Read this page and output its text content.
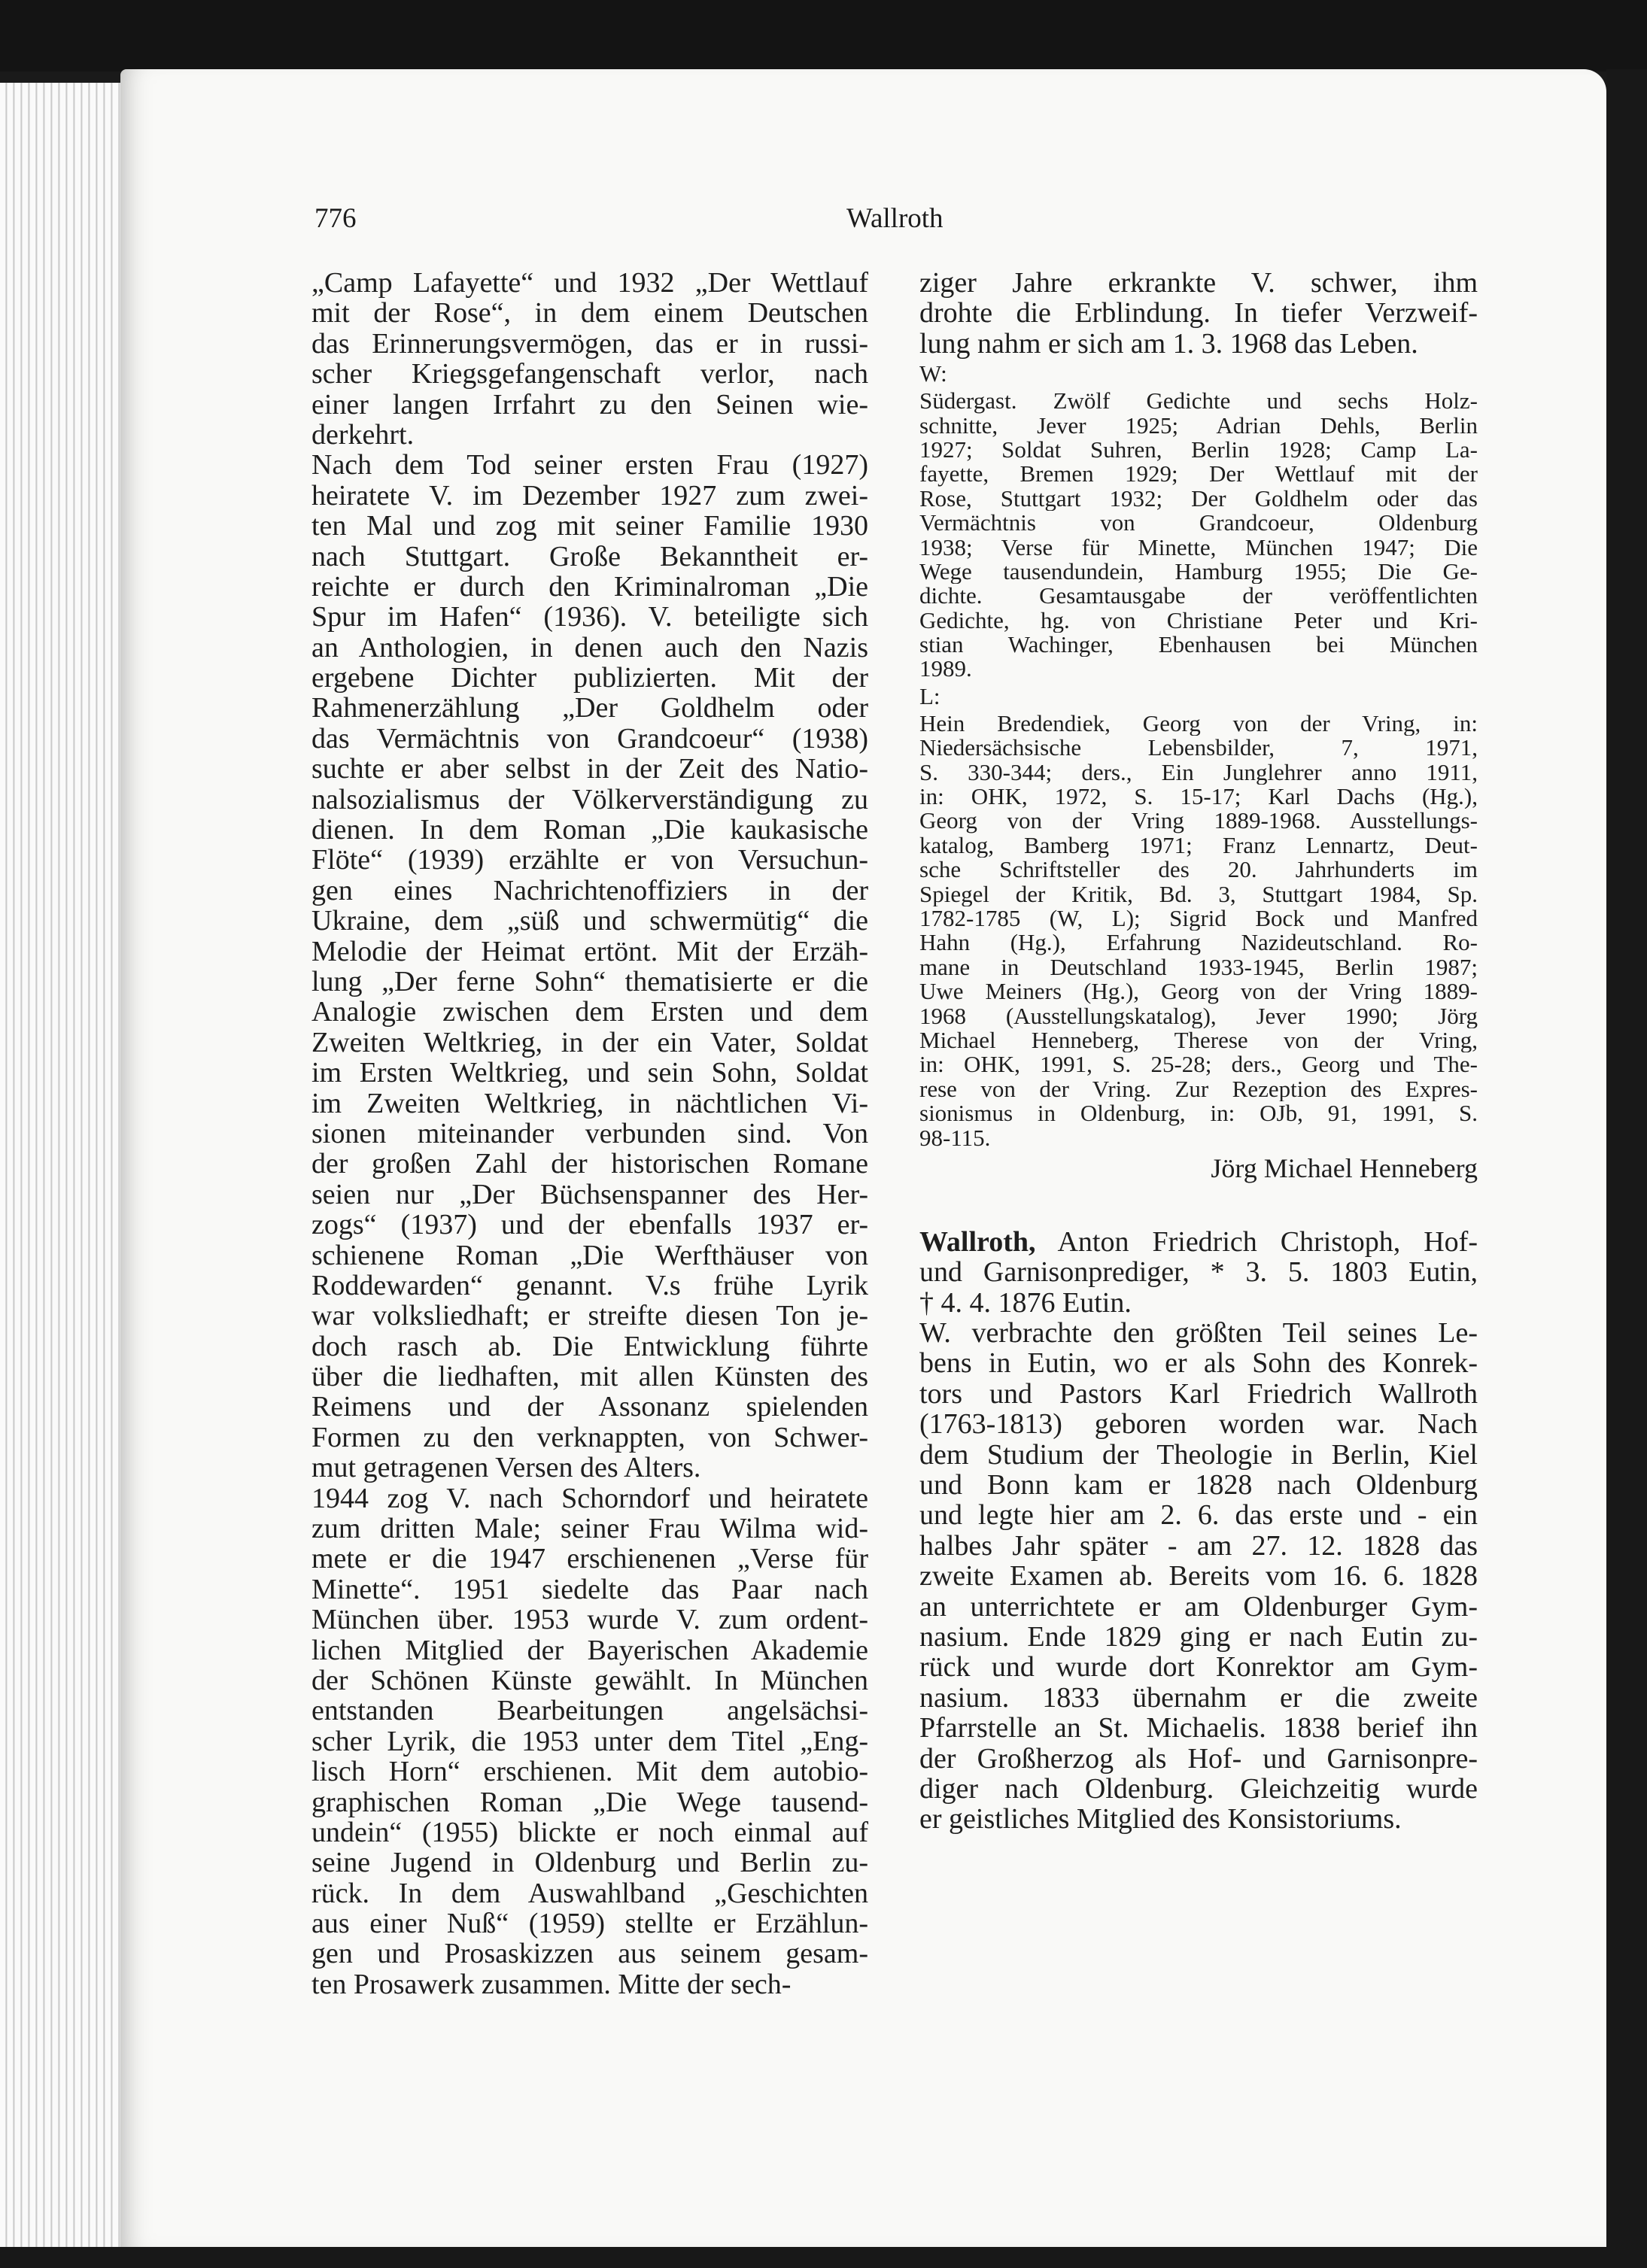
776	Wallroth
„Camp Lafayette“ und 1932 „Der Wettlauf
mit der Rose“, in dem einem Deutschen
das Erinnerungsvermögen, das er in russi-
scher Kriegsgefangenschaft verlor, nach
einer langen Irrfahrt zu den Seinen wie-
derkehrt.
Nach dem Tod seiner ersten Frau (1927)
heiratete V. im Dezember 1927 zum zwei-
ten Mal und zog mit seiner Familie 1930
nach Stuttgart. Große Bekanntheit er-
reichte er durch den Kriminalroman „Die
Spur im Hafen“ (1936). V. beteiligte sich
an Anthologien, in denen auch den Nazis
ergebene Dichter publizierten. Mit der
Rahmenerzählung „Der Goldhelm oder
das Vermächtnis von Grandcoeur“ (1938)
suchte er aber selbst in der Zeit des Natio-
nalsozialismus der Völkerverständigung zu
dienen. In dem Roman „Die kaukasische
Flöte“ (1939) erzählte er von Versuchun-
gen eines Nachrichtenoffiziers in der
Ukraine, dem „süß und schwermütig“ die
Melodie der Heimat ertönt. Mit der Erzäh-
lung „Der ferne Sohn“ thematisierte er die
Analogie zwischen dem Ersten und dem
Zweiten Weltkrieg, in der ein Vater, Soldat
im Ersten Weltkrieg, und sein Sohn, Soldat
im Zweiten Weltkrieg, in nächtlichen Vi-
sionen miteinander verbunden sind. Von
der großen Zahl der historischen Romane
seien nur „Der Büchsenspanner des Her-
zogs“ (1937) und der ebenfalls 1937 er-
schienene Roman „Die Werfthäuser von
Roddewarden“ genannt. V.s frühe Lyrik
war volksliedhaft; er streifte diesen Ton je-
doch rasch ab. Die Entwicklung führte
über die liedhaften, mit allen Künsten des
Reimens und der Assonanz spielenden
Formen zu den verknappten, von Schwer-
mut getragenen Versen des Alters.
1944 zog V. nach Schorndorf und heiratete
zum dritten Male; seiner Frau Wilma wid-
mete er die 1947 erschienenen „Verse für
Minette“. 1951 siedelte das Paar nach
München über. 1953 wurde V. zum ordent-
lichen Mitglied der Bayerischen Akademie
der Schönen Künste gewählt. In München
entstanden Bearbeitungen angelsächsi-
scher Lyrik, die 1953 unter dem Titel „Eng-
lisch Horn“ erschienen. Mit dem autobio-
graphischen Roman „Die Wege tausend-
undein“ (1955) blickte er noch einmal auf
seine Jugend in Oldenburg und Berlin zu-
rück. In dem Auswahlband „Geschichten
aus einer Nuß“ (1959) stellte er Erzählun-
gen und Prosaskizzen aus seinem gesam-
ten Prosawerk zusammen. Mitte der sech-
ziger Jahre erkrankte V. schwer, ihm
drohte die Erblindung. In tiefer Verzweif-
lung nahm er sich am 1. 3. 1968 das Leben.
W:
Südergast. Zwölf Gedichte und sechs Holz-
schnitte, Jever 1925; Adrian Dehls, Berlin
1927; Soldat Suhren, Berlin 1928; Camp La-
fayette, Bremen 1929; Der Wettlauf mit der
Rose, Stuttgart 1932; Der Goldhelm oder das
Vermächtnis von Grandcoeur, Oldenburg
1938; Verse für Minette, München 1947; Die
Wege tausendundein, Hamburg 1955; Die Ge-
dichte. Gesamtausgabe der veröffentlichten
Gedichte, hg. von Christiane Peter und Kri-
stian Wachinger, Ebenhausen bei München
1989.
L:
Hein Bredendiek, Georg von der Vring, in:
Niedersächsische Lebensbilder, 7, 1971,
S. 330-344; ders., Ein Junglehrer anno 1911,
in: OHK, 1972, S. 15-17; Karl Dachs (Hg.),
Georg von der Vring 1889-1968. Ausstellungs-
katalog, Bamberg 1971; Franz Lennartz, Deut-
sche Schriftsteller des 20. Jahrhunderts im
Spiegel der Kritik, Bd. 3, Stuttgart 1984, Sp.
1782-1785 (W, L); Sigrid Bock und Manfred
Hahn (Hg.), Erfahrung Nazideutschland. Ro-
mane in Deutschland 1933-1945, Berlin 1987;
Uwe Meiners (Hg.), Georg von der Vring 1889-
1968 (Ausstellungskatalog), Jever 1990; Jörg
Michael Henneberg, Therese von der Vring,
in: OHK, 1991, S. 25-28; ders., Georg und The-
rese von der Vring. Zur Rezeption des Expres-
sionismus in Oldenburg, in: OJb, 91, 1991, S.
98-115.
Jörg Michael Henneberg
Wallroth, Anton Friedrich Christoph, Hof-
und Garnisonprediger, * 3. 5. 1803 Eutin,
† 4. 4. 1876 Eutin.
W. verbrachte den größten Teil seines Le-
bens in Eutin, wo er als Sohn des Konrek-
tors und Pastors Karl Friedrich Wallroth
(1763-1813) geboren worden war. Nach
dem Studium der Theologie in Berlin, Kiel
und Bonn kam er 1828 nach Oldenburg
und legte hier am 2. 6. das erste und - ein
halbes Jahr später - am 27. 12. 1828 das
zweite Examen ab. Bereits vom 16. 6. 1828
an unterrichtete er am Oldenburger Gym-
nasium. Ende 1829 ging er nach Eutin zu-
rück und wurde dort Konrektor am Gym-
nasium. 1833 übernahm er die zweite
Pfarrstelle an St. Michaelis. 1838 berief ihn
der Großherzog als Hof- und Garnisonpre-
diger nach Oldenburg. Gleichzeitig wurde
er geistliches Mitglied des Konsistoriums.
